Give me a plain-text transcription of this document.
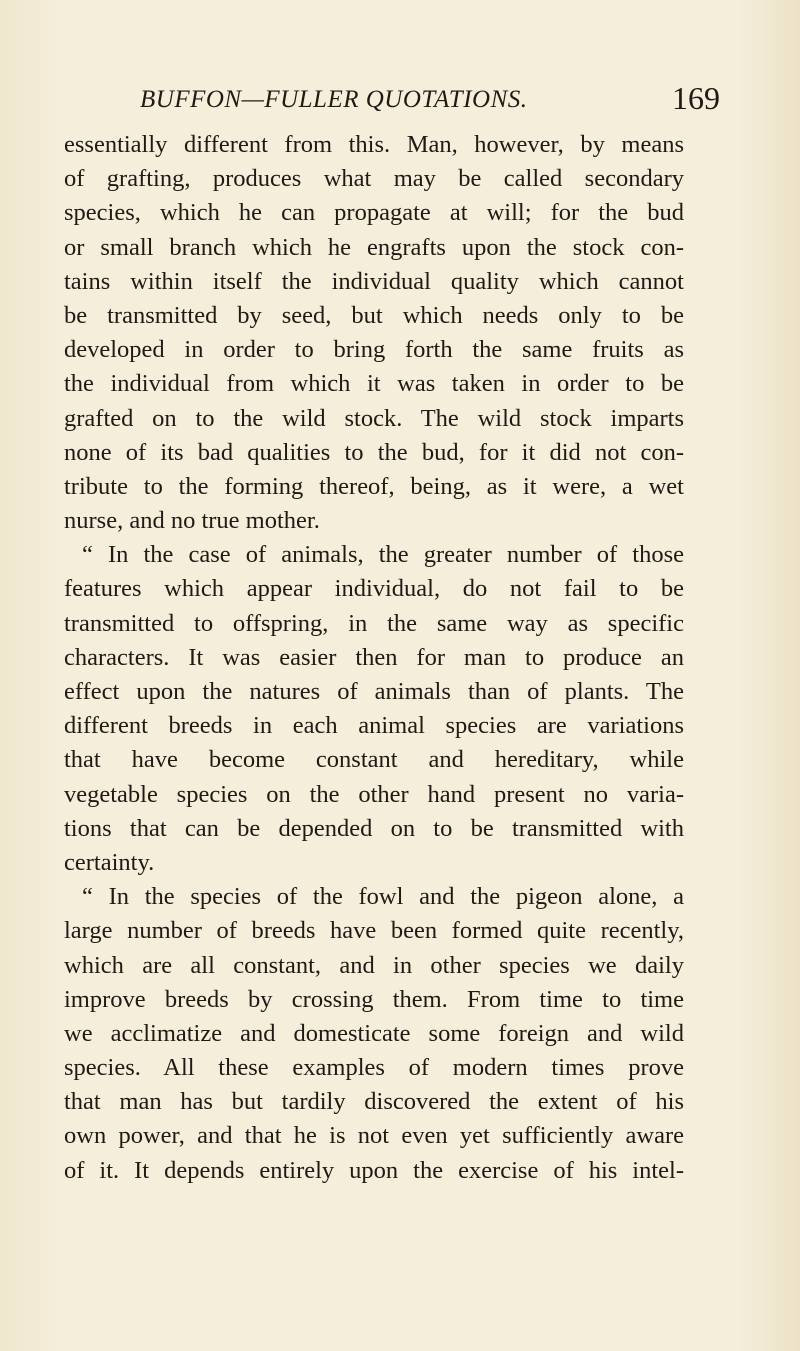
BUFFON—FULLER QUOTATIONS.	169
essentially different from this. Man, however, by means
of grafting, produces what may be called secondary
species, which he can propagate at will; for the bud
or small branch which he engrafts upon the stock con-
tains within itself the individual quality which cannot
be transmitted by seed, but which needs only to be
developed in order to bring forth the same fruits as
the individual from which it was taken in order to be
grafted on to the wild stock. The wild stock imparts
none of its bad qualities to the bud, for it did not con-
tribute to the forming thereof, being, as it were, a wet
nurse, and no true mother.
“ In the case of animals, the greater number of those
features which appear individual, do not fail to be
transmitted to offspring, in the same way as specific
characters. It was easier then for man to produce an
effect upon the natures of animals than of plants. The
different breeds in each animal species are variations
that have become constant and hereditary, while
vegetable species on the other hand present no varia-
tions that can be depended on to be transmitted with
certainty.
“ In the species of the fowl and the pigeon alone, a
large number of breeds have been formed quite recently,
which are all constant, and in other species we daily
improve breeds by crossing them. From time to time
we acclimatize and domesticate some foreign and wild
species. All these examples of modern times prove
that man has but tardily discovered the extent of his
own power, and that he is not even yet sufficiently aware
of it. It depends entirely upon the exercise of his intel-
